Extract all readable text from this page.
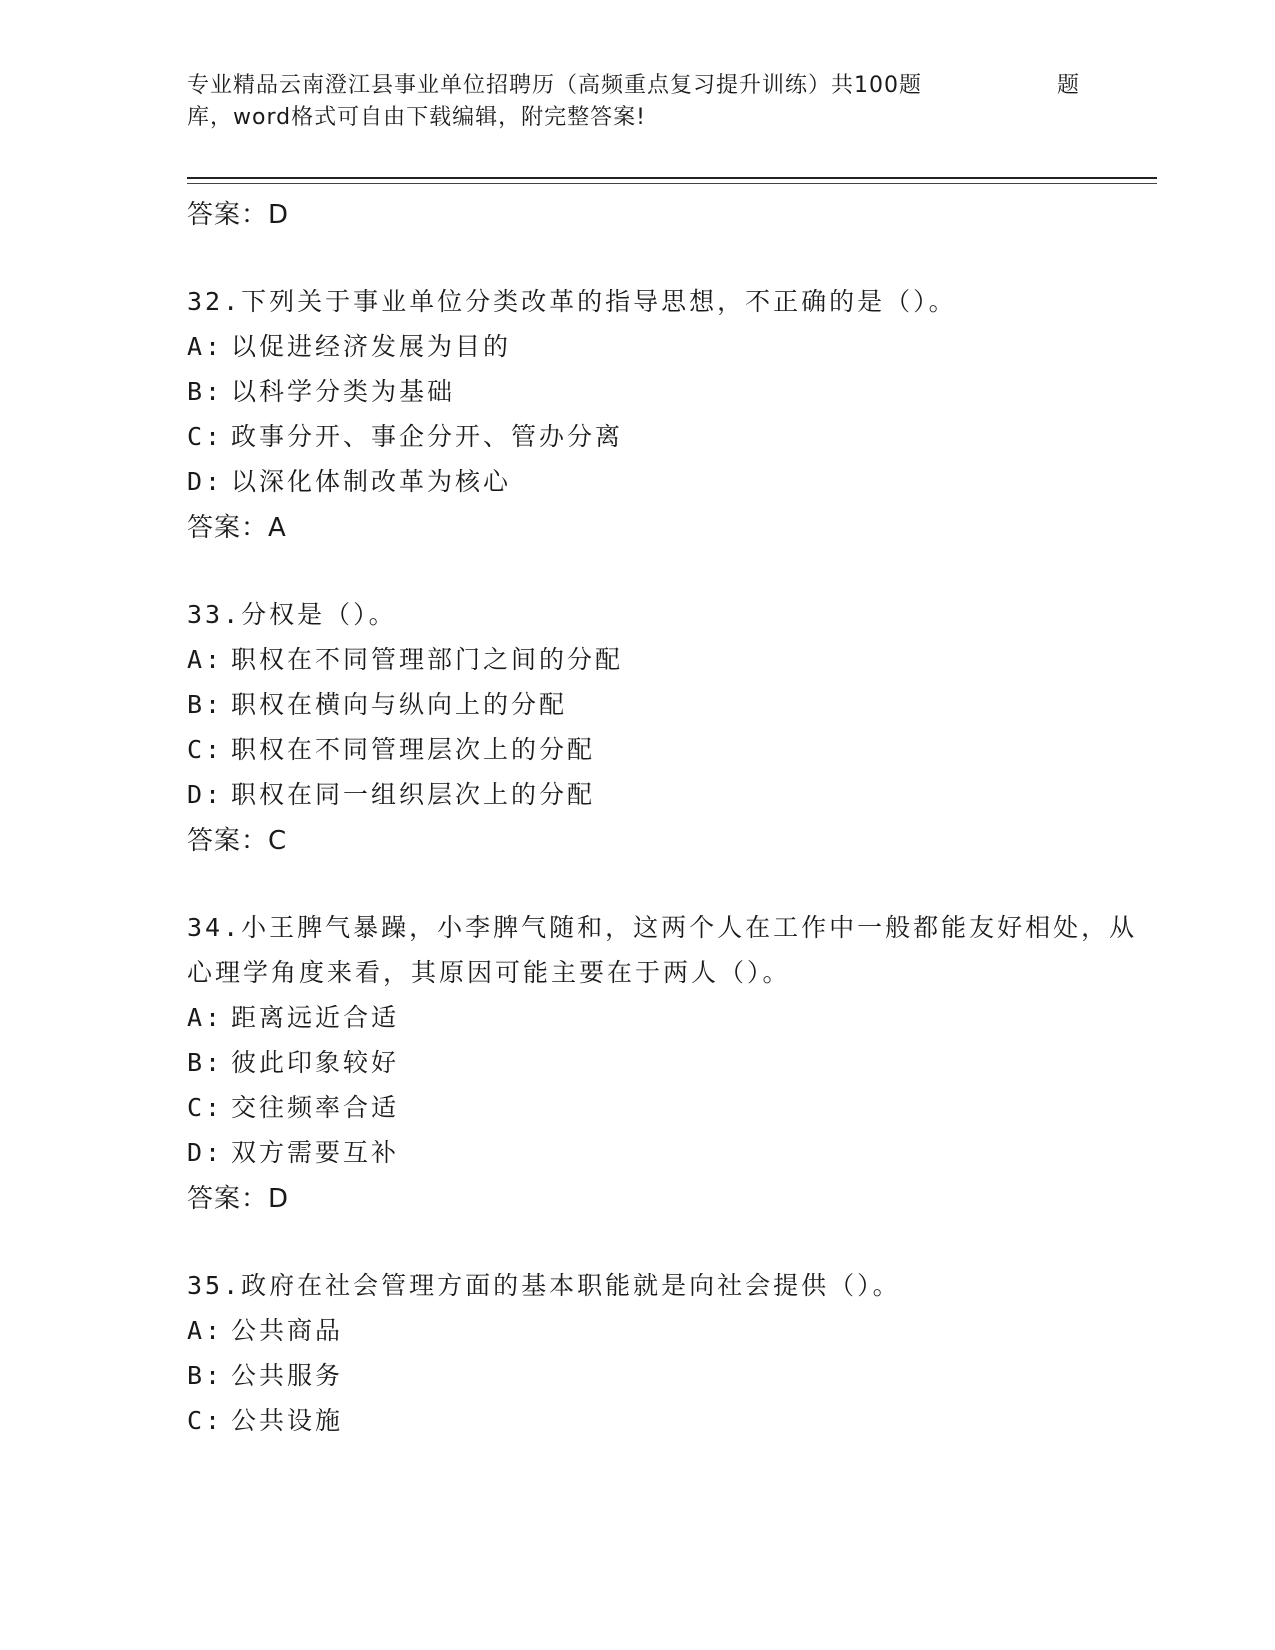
专业精品云南澄江县事业单位招聘历（高频重点复习提升训练）共100题	题
库，word格式可自由下载编辑，附完整答案!
答案：D
32.下列关于事业单位分类改革的指导思想，不正确的是（）。
A: 以促进经济发展为目的
B: 以科学分类为基础
C: 政事分开、事企分开、管办分离
D: 以深化体制改革为核心
答案：A
33.分权是（）。
A: 职权在不同管理部门之间的分配
B: 职权在横向与纵向上的分配
C: 职权在不同管理层次上的分配
D: 职权在同一组织层次上的分配
答案：C
34.小王脾气暴躁，小李脾气随和，这两个人在工作中一般都能友好相处，从心理学角度来看，其原因可能主要在于两人（）。
A: 距离远近合适
B: 彼此印象较好
C: 交往频率合适
D: 双方需要互补
答案：D
35.政府在社会管理方面的基本职能就是向社会提供（）。
A: 公共商品
B: 公共服务
C: 公共设施
